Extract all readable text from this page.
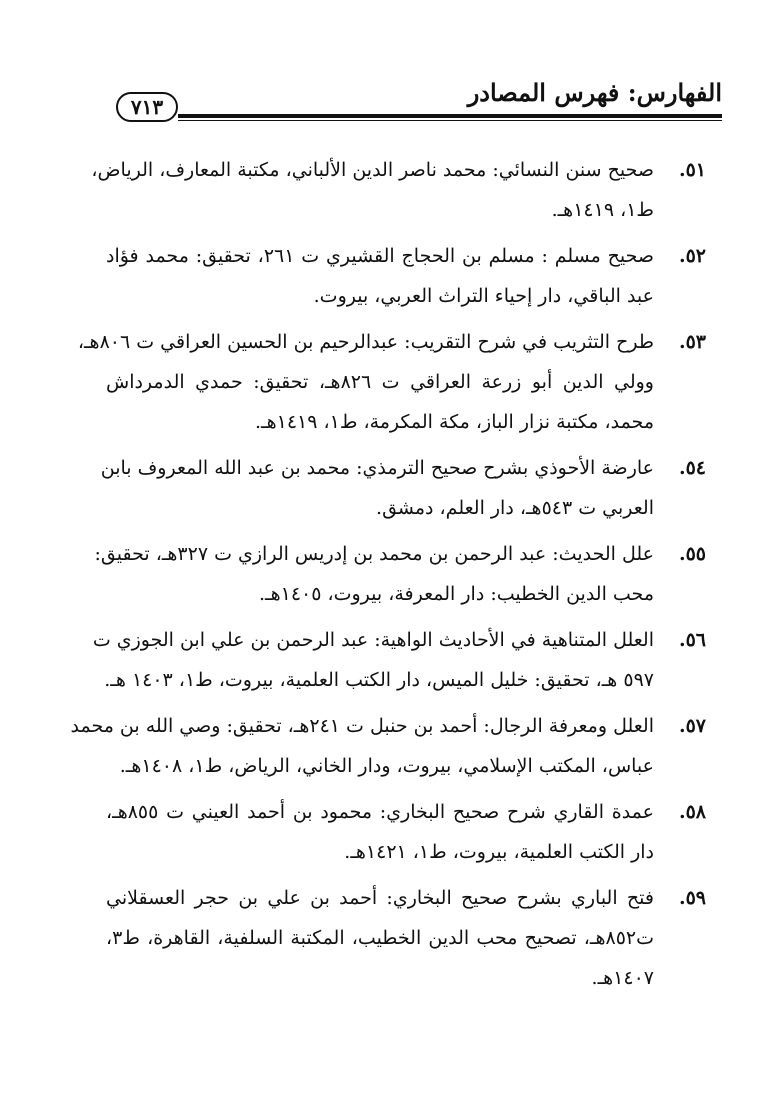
الفهارس: فهرس المصادر
٧١٣
٥١.
صحيح سنن النسائي: محمد ناصر الدين الألباني، مكتبة المعارف، الرياض،
ط١، ١٤١٩هـ.
٥٢.
صحيح مسلم : مسلم بن الحجاج القشيري ت ٢٦١، تحقيق: محمد فؤاد
عبد الباقي، دار إحياء التراث العربي، بيروت.
٥٣.
طرح التثريب في شرح التقريب: عبدالرحيم بن الحسين العراقي ت ٨٠٦هـ،
وولي الدين أبو زرعة العراقي ت ٨٢٦هـ، تحقيق: حمدي الدمرداش
محمد، مكتبة نزار الباز، مكة المكرمة، ط١، ١٤١٩هـ.
٥٤.
عارضة الأحوذي بشرح صحيح الترمذي: محمد بن عبد الله المعروف بابن
العربي ت ٥٤٣هـ، دار العلم، دمشق.
٥٥.
علل الحديث: عبد الرحمن بن محمد بن إدريس الرازي ت ٣٢٧هـ، تحقيق:
محب الدين الخطيب: دار المعرفة، بيروت، ١٤٠٥هـ.
٥٦.
العلل المتناهية في الأحاديث الواهية: عبد الرحمن بن علي ابن الجوزي ت
٥٩٧ هـ، تحقيق: خليل الميس، دار الكتب العلمية، بيروت، ط١، ١٤٠٣ هـ.
٥٧.
العلل ومعرفة الرجال: أحمد بن حنبل ت ٢٤١هـ، تحقيق: وصي الله بن محمد
عباس، المكتب الإسلامي، بيروت، ودار الخاني، الرياض، ط١، ١٤٠٨هـ.
٥٨.
عمدة القاري شرح صحيح البخاري: محمود بن أحمد العيني ت ٨٥٥هـ،
دار الكتب العلمية، بيروت، ط١، ١٤٢١هـ.
٥٩.
فتح الباري بشرح صحيح البخاري: أحمد بن علي بن حجر العسقلاني
ت٨٥٢هـ، تصحيح محب الدين الخطيب، المكتبة السلفية، القاهرة، ط٣،
١٤٠٧هـ.
